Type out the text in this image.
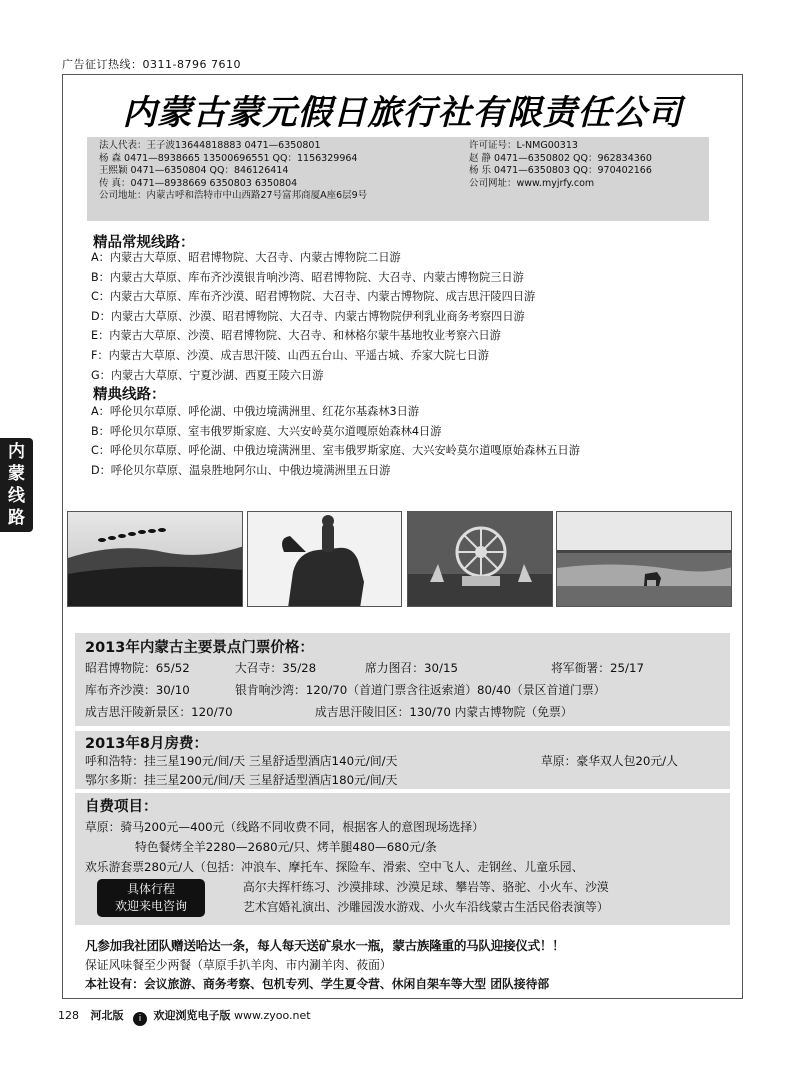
广告征订热线：0311-8796 7610
内蒙线路
内蒙古蒙元假日旅行社有限责任公司
法人代表：王子波13644818883 0471—6350801	许可证号：L-NMG00313
杨 森 0471—8938665 13500696551 QQ：1156329964	赵 静 0471—6350802 QQ：962834360
王熙颖 0471—6350804 QQ：846126414	杨 乐 0471—6350803 QQ：970402166
传 真：0471—8938669 6350803 6350804	公司网址：www.myjrfy.com
公司地址：内蒙古呼和浩特市中山西路27号富邦商厦A座6层9号
精品常规线路：
A：内蒙古大草原、昭君博物院、大召寺、内蒙古博物院二日游
B：内蒙古大草原、库布齐沙漠银肯响沙湾、昭君博物院、大召寺、内蒙古博物院三日游
C：内蒙古大草原、库布齐沙漠、昭君博物院、大召寺、内蒙古博物院、成吉思汗陵四日游
D：内蒙古大草原、沙漠、昭君博物院、大召寺、内蒙古博物院伊利乳业商务考察四日游
E：内蒙古大草原、沙漠、昭君博物院、大召寺、和林格尔蒙牛基地牧业考察六日游
F：内蒙古大草原、沙漠、成吉思汗陵、山西五台山、平遥古城、乔家大院七日游
G：内蒙古大草原、宁夏沙湖、西夏王陵六日游
精典线路：
A：呼伦贝尔草原、呼伦湖、中俄边境满洲里、红花尔基森林3日游
B：呼伦贝尔草原、室韦俄罗斯家庭、大兴安岭莫尔道嘎原始森林4日游
C：呼伦贝尔草原、呼伦湖、中俄边境满洲里、室韦俄罗斯家庭、大兴安岭莫尔道嘎原始森林五日游
D：呼伦贝尔草原、温泉胜地阿尔山、中俄边境满洲里五日游
2013年内蒙古主要景点门票价格：
昭君博物院：65/52	大召寺：35/28	席力图召：30/15	将军衙署：25/17
库布齐沙漠：30/10	银肯响沙湾：120/70（首道门票含往返索道）80/40（景区首道门票）
成吉思汗陵新景区：120/70	成吉思汗陵旧区：130/70 内蒙古博物院（免票）
2013年8月房费：
呼和浩特：挂三星190元/间/天 三星舒适型酒店140元/间/天	草原：豪华双人包20元/人
鄂尔多斯：挂三星200元/间/天 三星舒适型酒店180元/间/天
自费项目：
草原：骑马200元—400元（线路不同收费不同，根据客人的意图现场选择）
特色餐烤全羊2280—2680元/只、烤羊腿480—680元/条
欢乐游套票280元/人（包括：冲浪车、摩托车、探险车、滑索、空中飞人、走钢丝、儿童乐园、
高尔夫挥杆练习、沙漠排球、沙漠足球、攀岩等、骆驼、小火车、沙漠
艺术宫婚礼演出、沙雕园泼水游戏、小火车沿线蒙古生活民俗表演等）
具体行程
欢迎来电咨询
凡参加我社团队赠送哈达一条，每人每天送矿泉水一瓶，蒙古族隆重的马队迎接仪式！！
保证风味餐至少两餐（草原手扒羊肉、市内涮羊肉、莜面）
本社设有：会议旅游、商务考察、包机专列、学生夏令营、休闲自架车等大型 团队接待部
128 河北版 i 欢迎浏览电子版 www.zyoo.net
